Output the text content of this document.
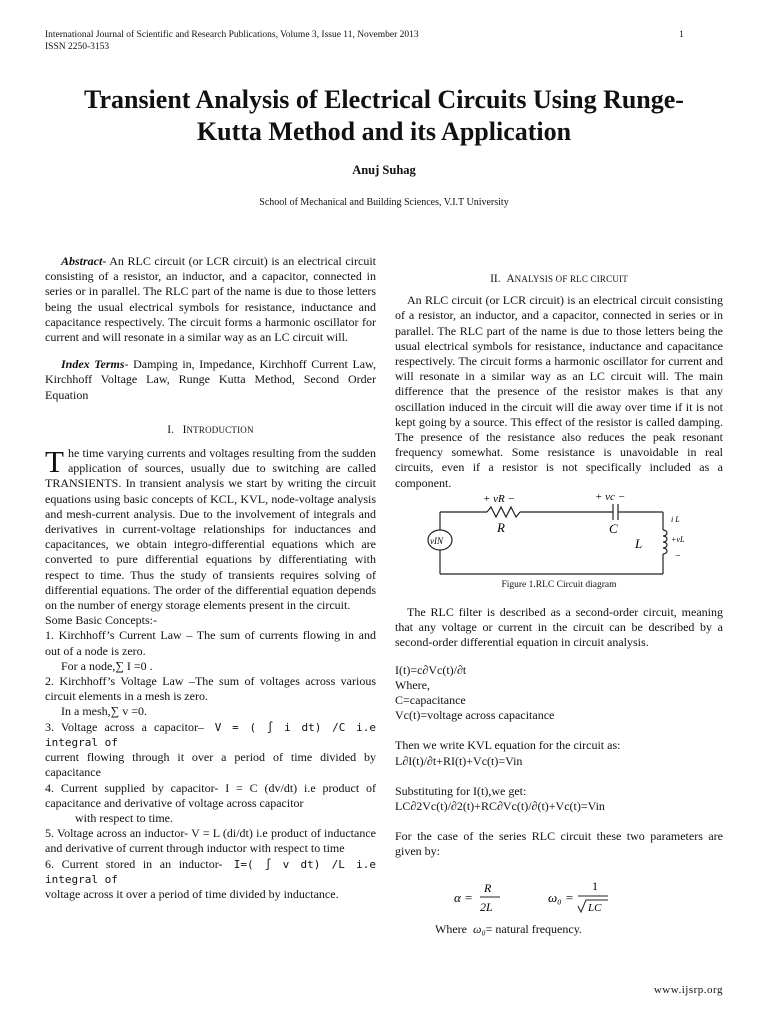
International Journal of Scientific and Research Publications, Volume 3, Issue 11, November 2013
ISSN 2250-3153
1
Transient Analysis of Electrical Circuits Using Runge-
Kutta Method and its Application
Anuj Suhag
School of Mechanical and Building Sciences, V.I.T University

Abstract- An RLC circuit (or LCR circuit) is an electrical circuit consisting of a resistor, an inductor, and a capacitor, connected in series or in parallel. The RLC part of the name is due to those letters being the usual electrical symbols for resistance, inductance and capacitance respectively. The circuit forms a harmonic oscillator for current and will resonate in a similar way as an LC circuit will.

Index Terms- Damping in, Impedance, Kirchhoff Current Law, Kirchhoff Voltage Law, Runge Kutta Method, Second Order Equation

I. INTRODUCTION

The time varying currents and voltages resulting from the sudden application of sources, usually due to switching are called TRANSIENTS. In transient analysis we start by writing the circuit equations using basic concepts of KCL, KVL, node-voltage analysis and mesh-current analysis. Due to the involvement of integrals and derivatives in current-voltage relationships for inductances and capacitances, we obtain integro-differential equations which are converted to pure differential equations by differentiating with respect to time. Thus the study of transients requires solving of differential equations. The order of the differential equation depends on the number of energy storage elements present in the circuit.

Some Basic Concepts:-

1. Kirchhoff’s Current Law – The sum of currents flowing in and out of a node is zero.

For a node,∑ I =0 .

2. Kirchhoff’s Voltage Law –The sum of voltages across various circuit elements in a mesh is zero.

In a mesh,∑ v =0.

3. Voltage across a capacitor– V = ( ∫ i dt) /C i.e integral of

current flowing through it over a period of time divided by capacitance

4. Current supplied by capacitor- I = C (dv/dt) i.e product of capacitance and derivative of voltage across capacitor

with respect to time.

5. Voltage across an inductor- V = L (di/dt) i.e product of inductance and derivative of current through inductor with respect to time

6. Current stored in an inductor- I=( ∫ v dt) /L i.e integral of

voltage across it over a period of time divided by inductance.

II. ANALYSIS OF RLC CIRCUIT

An RLC circuit (or LCR circuit) is an electrical circuit consisting of a resistor, an inductor, and a capacitor, connected in series or in parallel. The RLC part of the name is due to those letters being the usual electrical symbols for resistance, inductance and capacitance respectively. The circuit forms a harmonic oscillator for current and will resonate in a similar way as an LC circuit will. The main difference that the presence of the resistor makes is that any oscillation induced in the circuit will die away over time if it is not kept going by a source. This effect of the resistor is called damping. The presence of the resistance also reduces the peak resonant frequency somewhat. Some resistance is unavoidable in real circuits, even if a resistor is not specifically included as a component.

+ vR −	+ vc −
R	C
L
vIN
i L
+vL
−
Figure 1.RLC Circuit diagram

The RLC filter is described as a second-order circuit, meaning that any voltage or current in the circuit can be described by a second-order differential equation in circuit analysis.

I(t)=c∂Vc(t)/∂t

Where,

C=capacitance

Vc(t)=voltage across capacitance

Then we write KVL equation for the circuit as:

L∂I(t)/∂t+RI(t)+Vc(t)=Vin

Substituting for I(t),we get:

LC∂2Vc(t)/∂2(t)+RC∂Vc(t)/∂(t)+Vc(t)=Vin

For the case of the series RLC circuit these two parameters are given by:

α =
R
2L
ω₀ =
1
LC
Where ω₀= natural frequency.
www.ijsrp.org
